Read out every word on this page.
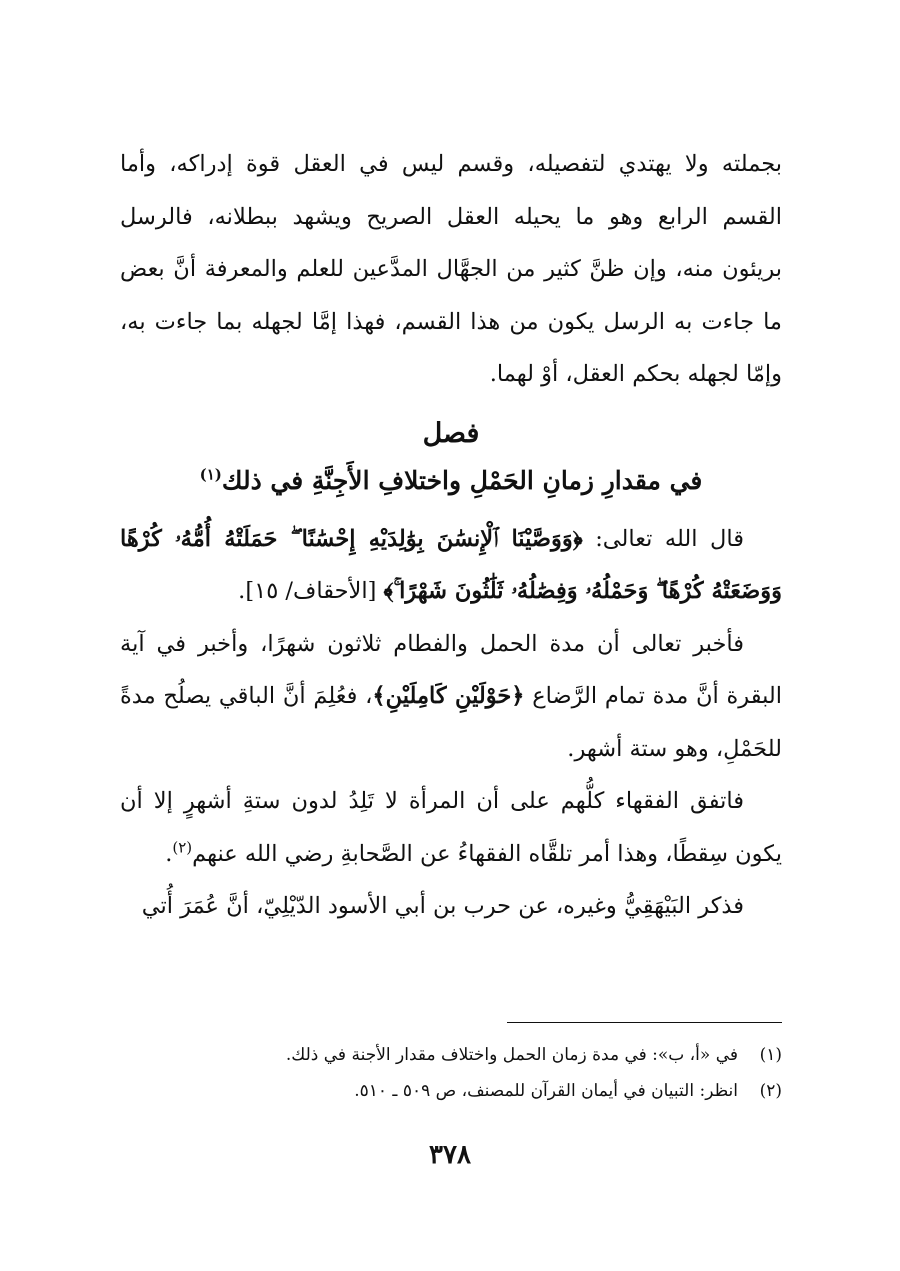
بجملته ولا يهتدي لتفصيله، وقسم ليس في العقل قوة إدراكه، وأما القسم الرابع وهو ما يحيله العقل الصريح ويشهد ببطلانه، فالرسل بريئون منه، وإن ظنَّ كثير من الجهَّال المدَّعين للعلم والمعرفة أنَّ بعض ما جاءت به الرسل يكون من هذا القسم، فهذا إمَّا لجهله بما جاءت به، وإمّا لجهله بحكم العقل، أوْ لهما.

فصل
في مقدارِ زمانِ الحَمْلِ واختلافِ الأَجِنَّةِ في ذلك$^{(١)}$

قال الله تعالى: ﴿وَوَصَّيْنَا ٱلْإِنسَٰنَ بِوَٰلِدَيْهِ إِحْسَٰنًا ۖ حَمَلَتْهُ أُمُّهُۥ كُرْهًا وَوَضَعَتْهُ كُرْهًا ۖ وَحَمْلُهُۥ وَفِصَٰلُهُۥ ثَلَٰثُونَ شَهْرًا ۚ﴾ [الأحقاف/ ١٥].

فأخبر تعالى أن مدة الحمل والفطام ثلاثون شهرًا، وأخبر في آية البقرة أنَّ مدة تمام الرَّضاع ﴿حَوْلَيْنِ كَامِلَيْنِ﴾، فعُلِمَ أنَّ الباقي يصلُح مدةً للحَمْلِ، وهو ستة أشهر.

فاتفق الفقهاء كلُّهم على أن المرأة لا تَلِدُ لدون ستةِ أشهرٍ إلا أن يكون سِقطًا، وهذا أمر تلقَّاه الفقهاءُ عن الصَّحابةِ رضي الله عنهم$^{(٢)}$.

فذكر البَيْهَقِيُّ وغيره، عن حرب بن أبي الأسود الدّيْلِيّ، أنَّ عُمَرَ أُتي

(١)في «أ، ب»: في مدة زمان الحمل واختلاف مقدار الأجنة في ذلك.

(٢)انظر: التبيان في أيمان القرآن للمصنف، ص ٥٠٩ ـ ٥١٠.

٣٧٨
